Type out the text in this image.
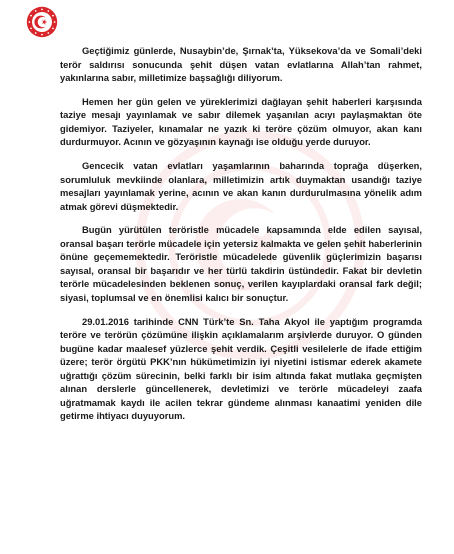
Geçtiğimiz günlerde, Nusaybin’de, Şırnak’ta, Yüksekova’da ve Somali’deki terör saldırısı sonucunda şehit düşen vatan evlatlarına Allah’tan rahmet, yakınlarına sabır, milletimize başsağlığı diliyorum.

Hemen her gün gelen ve yüreklerimizi dağlayan şehit haberleri karşısında taziye mesajı yayınlamak ve sabır dilemek yaşanılan acıyı paylaşmaktan öte gidemiyor. Taziyeler, kınamalar ne yazık ki teröre çözüm olmuyor, akan kanı durdurmuyor. Acının ve gözyaşının kaynağı ise olduğu yerde duruyor.

Gencecik vatan evlatları yaşamlarının baharında toprağa düşerken, sorumluluk mevkiinde olanlara, milletimizin artık duymaktan usandığı taziye mesajları yayınlamak yerine, acının ve akan kanın durdurulmasına yönelik adım atmak görevi düşmektedir.

Bugün yürütülen teröristle mücadele kapsamında elde edilen sayısal, oransal başarı terörle mücadele için yetersiz kalmakta ve gelen şehit haberlerinin önüne geçememektedir. Teröristle mücadelede güvenlik güçlerimizin başarısı sayısal, oransal bir başarıdır ve her türlü takdirin üstündedir. Fakat bir devletin terörle mücadelesinden beklenen sonuç, verilen kayıplardaki oransal fark değil; siyasi, toplumsal ve en önemlisi kalıcı bir sonuçtur.

29.01.2016 tarihinde CNN Türk’te Sn. Taha Akyol ile yaptığım programda teröre ve terörün çözümüne ilişkin açıklamalarım arşivlerde duruyor. O günden bugüne kadar maalesef yüzlerce şehit verdik. Çeşitli vesilelerle de ifade ettiğim üzere; terör örgütü PKK’nın hükümetimizin iyi niyetini istismar ederek akamete uğrattığı çözüm sürecinin, belki farklı bir isim altında fakat mutlaka geçmişten alınan derslerle güncellenerek, devletimizi ve terörle mücadeleyi zaafa uğratmamak kaydı ile acilen tekrar gündeme alınması kanaatimi yeniden dile getirme ihtiyacı duyuyorum.
